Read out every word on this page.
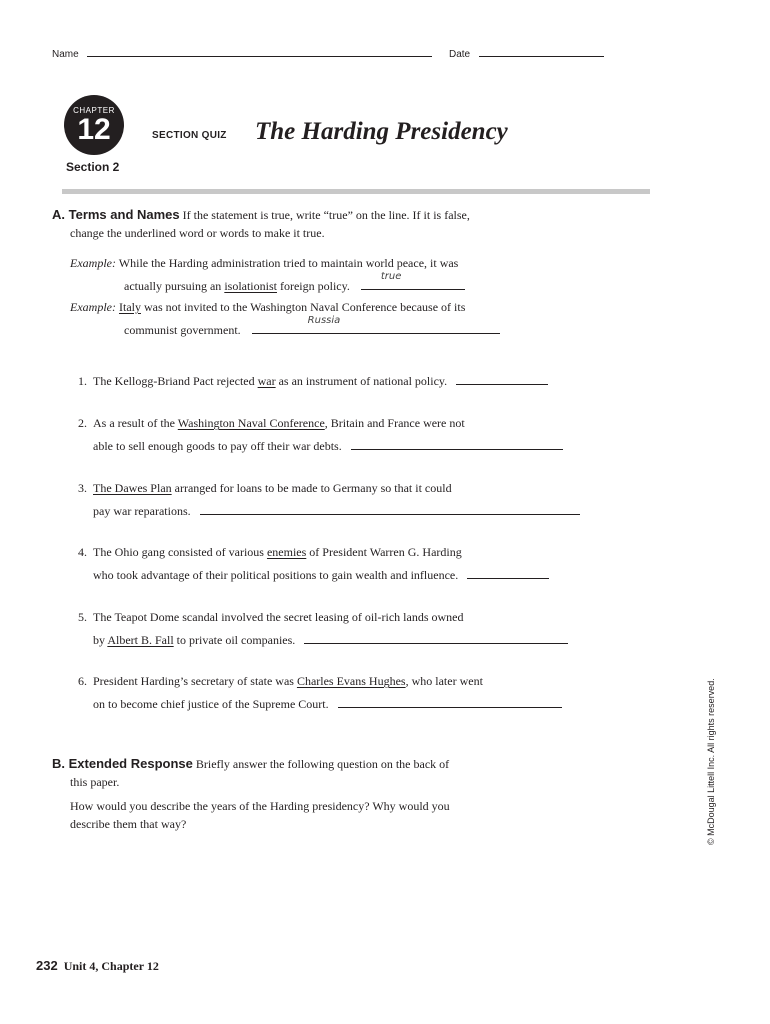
Name	Date
CHAPTER
12
Section 2
SECTION QUIZ The Harding Presidency
A. Terms and Names If the statement is true, write “true” on the line. If it is false,
change the underlined word or words to make it true.
Example: While the Harding administration tried to maintain world peace, it was
actually pursuing an isolationist foreign policy.
true
Example: Italy was not invited to the Washington Naval Conference because of its
communist government.
Russia
1. The Kellogg-Briand Pact rejected war as an instrument of national policy.
2. As a result of the Washington Naval Conference, Britain and France were not
able to sell enough goods to pay off their war debts.
3. The Dawes Plan arranged for loans to be made to Germany so that it could
pay war reparations.
4. The Ohio gang consisted of various enemies of President Warren G. Harding
who took advantage of their political positions to gain wealth and influence.
5. The Teapot Dome scandal involved the secret leasing of oil-rich lands owned
by Albert B. Fall to private oil companies.
6. President Harding’s secretary of state was Charles Evans Hughes, who later went
on to become chief justice of the Supreme Court.
B. Extended Response Briefly answer the following question on the back of
this paper.
How would you describe the years of the Harding presidency? Why would you
describe them that way?	© McDougal Littell Inc. All rights reserved.
232 Unit 4, Chapter 12
